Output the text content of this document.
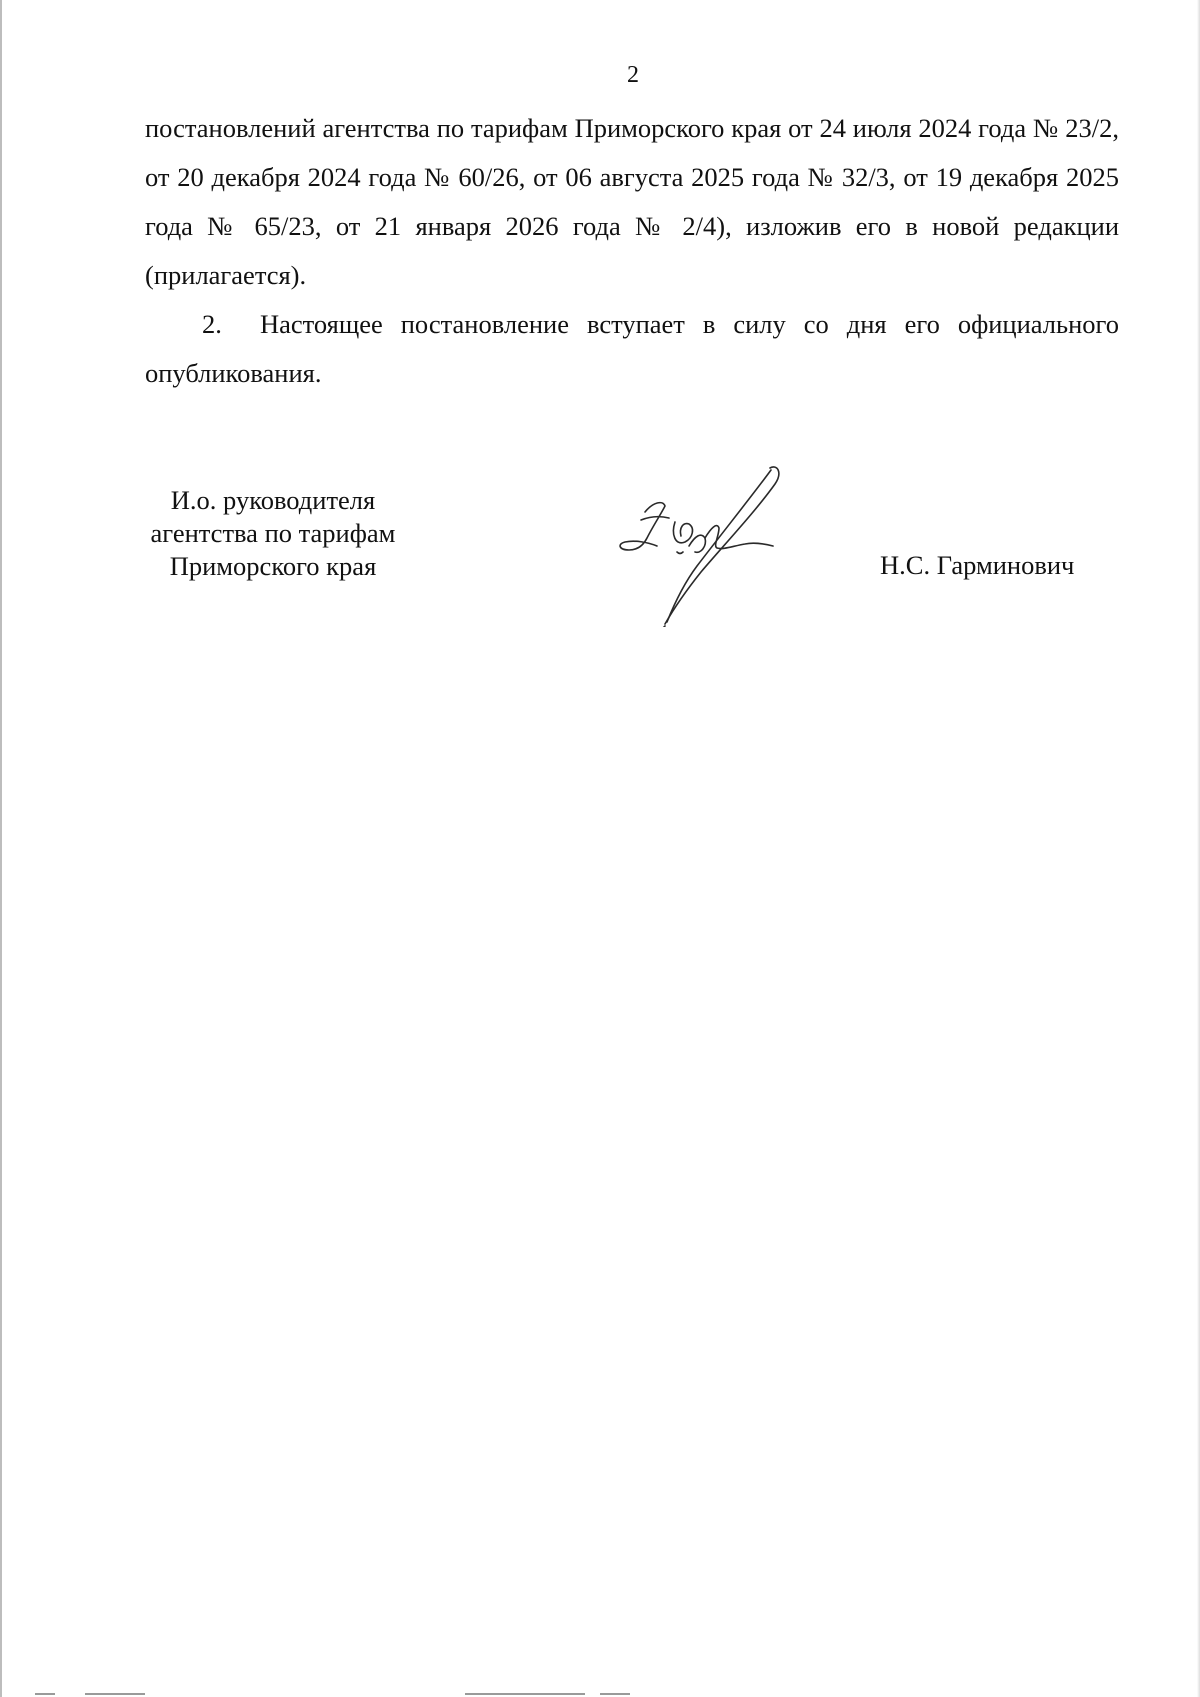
2

постановлений агентства по тарифам Приморского края от 24 июля 2024 года № 23/2, от 20 декабря 2024 года № 60/26, от 06 августа 2025 года № 32/3, от 19 декабря 2025 года № 65/23, от 21 января 2026 года № 2/4), изложив его в новой редакции (прилагается).

2. Настоящее постановление вступает в силу со дня его официального опубликования.

И.о. руководителя
агентства по тарифам
Приморского края	Н.С. Гарминович
